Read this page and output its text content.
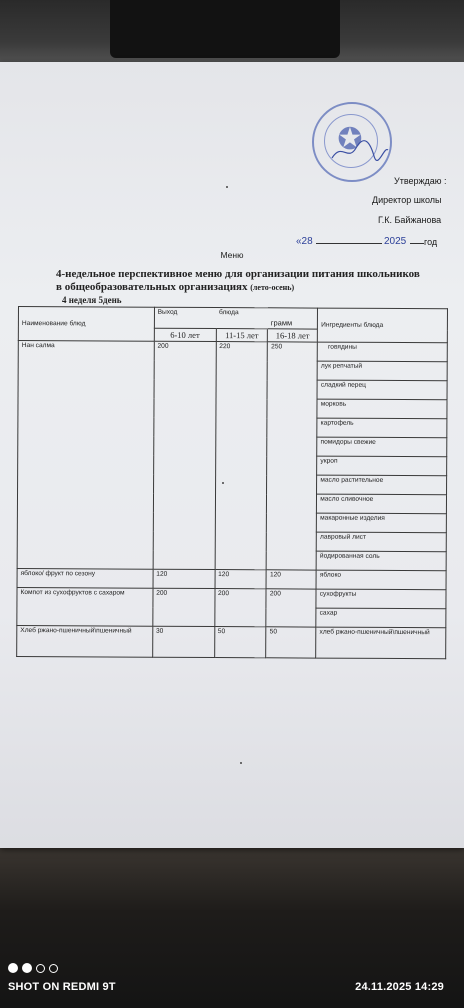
✪
Утверждаю :
Директор школы
Г.К. Байжанова
«28	2025 год
Меню
4-недельное перспективное меню для организации питания школьников
в общеобразовательных организациях (лето-осень)
4 неделя 5день
Наименование блюд	Выход	блюда	грамм	Ингредиенты блюда
	6-10 лет	11-15 лет	16-18 лет	
Нан салма	200	220	250	говядины
				лук репчатый
				сладкий перец
				морковь
				картофель
				помидоры свежие
				укроп
				масло растительное
				масло сливочное
				макаронные изделия
				лавровый лист
				йодированная соль
яблоко/ фрукт по сезону	120	120	120	яблоко
Компот из сухофруктов с сахаром	200	200	200	сухофрукты
				сахар
Хлеб ржано-пшеничный\пшеничный	30	50	50	хлеб ржано-пшеничный\пшеничный
SHOT ON REDMI 9T	24.11.2025 14:29
